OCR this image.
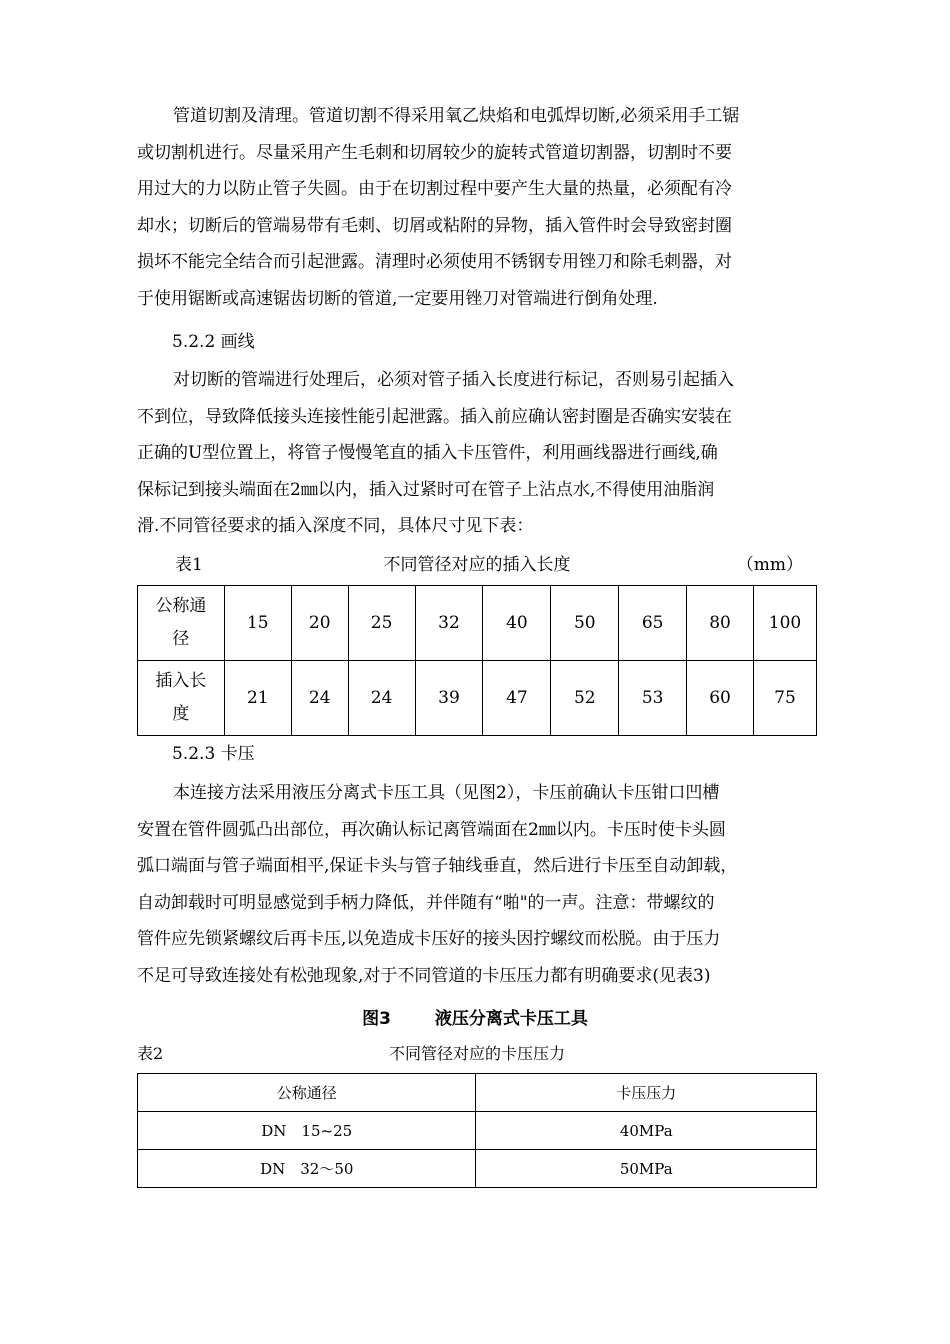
管道切割及清理。管道切割不得采用氧乙炔焰和电弧焊切断,必须采用手工锯
或切割机进行。尽量采用产生毛刺和切屑较少的旋转式管道切割器，切割时不要
用过大的力以防止管子失圆。由于在切割过程中要产生大量的热量，必须配有冷
却水；切断后的管端易带有毛刺、切屑或粘附的异物，插入管件时会导致密封圈
损坏不能完全结合而引起泄露。清理时必须使用不锈钢专用锉刀和除毛刺器，对
于使用锯断或高速锯齿切断的管道,一定要用锉刀对管端进行倒角处理.

5.2.2 画线

对切断的管端进行处理后，必须对管子插入长度进行标记，否则易引起插入
不到位，导致降低接头连接性能引起泄露。插入前应确认密封圈是否确实安装在
正确的U型位置上，将管子慢慢笔直的插入卡压管件，利用画线器进行画线,确
保标记到接头端面在2㎜以内，插入过紧时可在管子上沾点水,不得使用油脂润
滑.不同管径要求的插入深度不同，具体尺寸见下表：

表1	不同管径对应的插入长度	（mm）
公称通
径	15	20	25	32	40	50	65	80	100
插入长
度	21	24	24	39	47	52	53	60	75

5.2.3 卡压

本连接方法采用液压分离式卡压工具（见图2），卡压前确认卡压钳口凹槽
安置在管件圆弧凸出部位，再次确认标记离管端面在2㎜以内。卡压时使卡头圆
弧口端面与管子端面相平,保证卡头与管子轴线垂直，然后进行卡压至自动卸载，
自动卸载时可明显感觉到手柄力降低，并伴随有“啪"的一声。注意：带螺纹的
管件应先锁紧螺纹后再卡压,以免造成卡压好的接头因拧螺纹而松脱。由于压力
不足可导致连接处有松弛现象,对于不同管道的卡压压力都有明确要求(见表3)

图3	液压分离式卡压工具
表2	不同管径对应的卡压压力
公称通径	卡压压力
DN　15~25	40MPa
DN　32～50	50MPa
